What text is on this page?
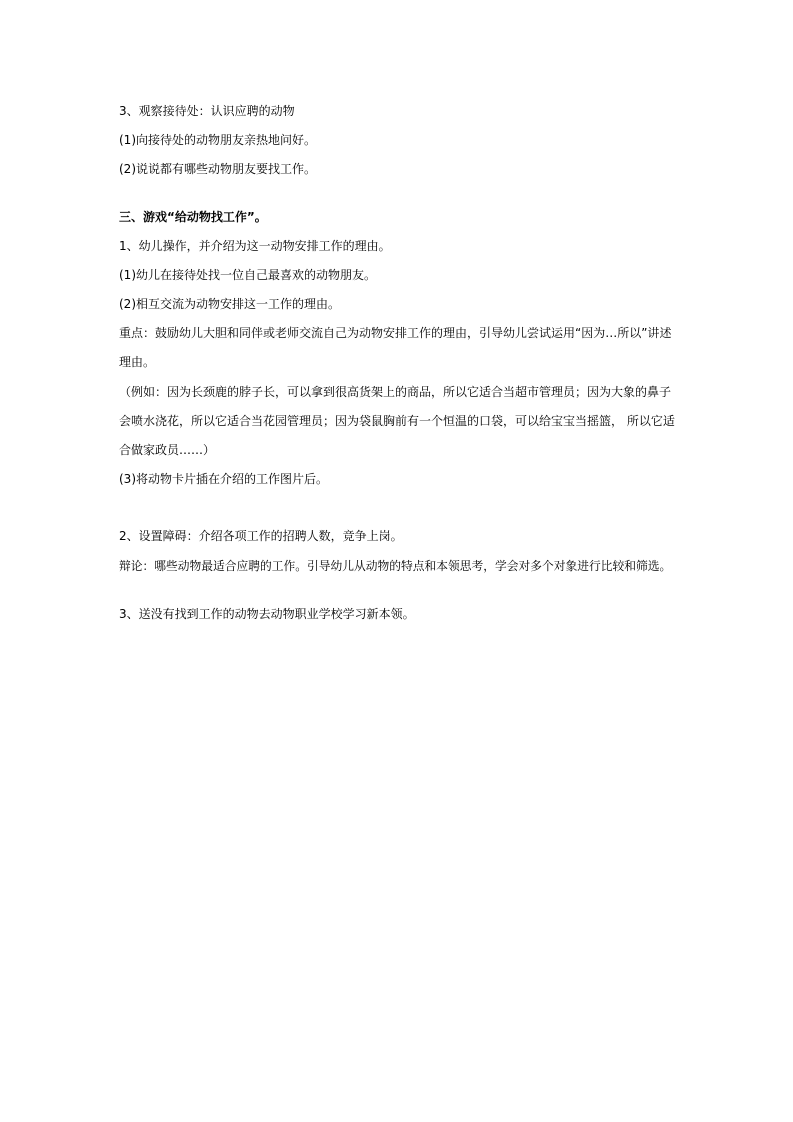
3、观察接待处：认识应聘的动物
(1)向接待处的动物朋友亲热地问好。
(2)说说都有哪些动物朋友要找工作。
三、游戏“给动物找工作”。
1、幼儿操作，并介绍为这一动物安排工作的理由。
(1)幼儿在接待处找一位自己最喜欢的动物朋友。
(2)相互交流为动物安排这一工作的理由。
重点：鼓励幼儿大胆和同伴或老师交流自己为动物安排工作的理由，引导幼儿尝试运用“因为…所以”讲述
理由。
（例如：因为长颈鹿的脖子长，可以拿到很高货架上的商品，所以它适合当超市管理员；因为大象的鼻子
会喷水浇花，所以它适合当花园管理员；因为袋鼠胸前有一个恒温的口袋，可以给宝宝当摇篮， 所以它适
合做家政员……）
(3)将动物卡片插在介绍的工作图片后。
2、设置障碍：介绍各项工作的招聘人数，竞争上岗。
辩论：哪些动物最适合应聘的工作。引导幼儿从动物的特点和本领思考，学会对多个对象进行比较和筛选。
3、送没有找到工作的动物去动物职业学校学习新本领。
